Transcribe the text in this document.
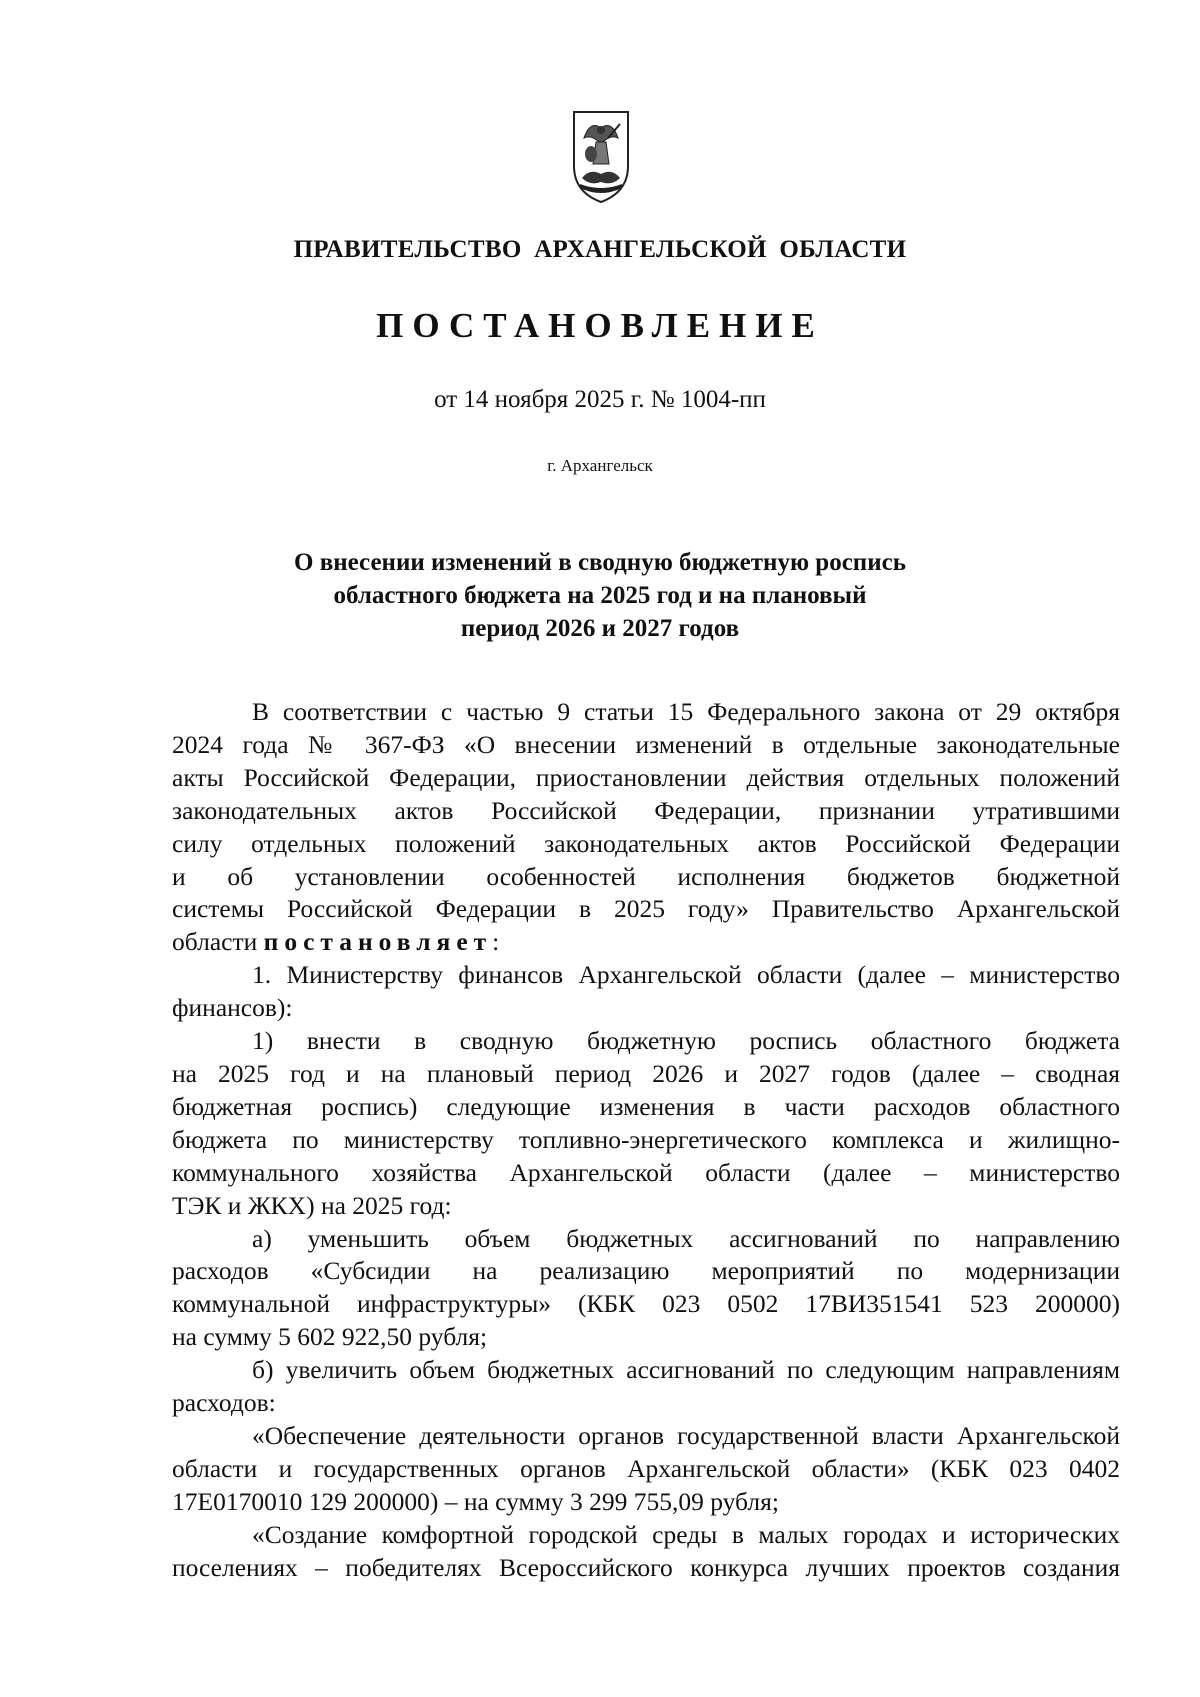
ПРАВИТЕЛЬСТВО АРХАНГЕЛЬСКОЙ ОБЛАСТИ
ПОСТАНОВЛЕНИЕ
от 14 ноября 2025 г. № 1004-пп
г. Архангельск
О внесении изменений в сводную бюджетную роспись
областного бюджета на 2025 год и на плановый
период 2026 и 2027 годов

В соответствии с частью 9 статьи 15 Федерального закона от 29 октября

2024 года № 367-ФЗ «О внесении изменений в отдельные законодательные

акты Российской Федерации, приостановлении действия отдельных положений

законодательных актов Российской Федерации, признании утратившими

силу отдельных положений законодательных актов Российской Федерации

и об установлении особенностей исполнения бюджетов бюджетной

системы Российской Федерации в 2025 году» Правительство Архангельской

области постановляет:

1. Министерству финансов Архангельской области (далее – министерство

финансов):

1) внести в сводную бюджетную роспись областного бюджета

на 2025 год и на плановый период 2026 и 2027 годов (далее – сводная

бюджетная роспись) следующие изменения в части расходов областного

бюджета по министерству топливно-энергетического комплекса и жилищно-

коммунального хозяйства Архангельской области (далее – министерство

ТЭК и ЖКХ) на 2025 год:

а) уменьшить объем бюджетных ассигнований по направлению

расходов «Субсидии на реализацию мероприятий по модернизации

коммунальной инфраструктуры» (КБК 023 0502 17ВИ351541 523 200000)

на сумму 5 602 922,50 рубля;

б) увеличить объем бюджетных ассигнований по следующим направлениям

расходов:

«Обеспечение деятельности органов государственной власти Архангельской

области и государственных органов Архангельской области» (КБК 023 0402

17Е0170010 129 200000) – на сумму 3 299 755,09 рубля;

«Создание комфортной городской среды в малых городах и исторических

поселениях – победителях Всероссийского конкурса лучших проектов создания
